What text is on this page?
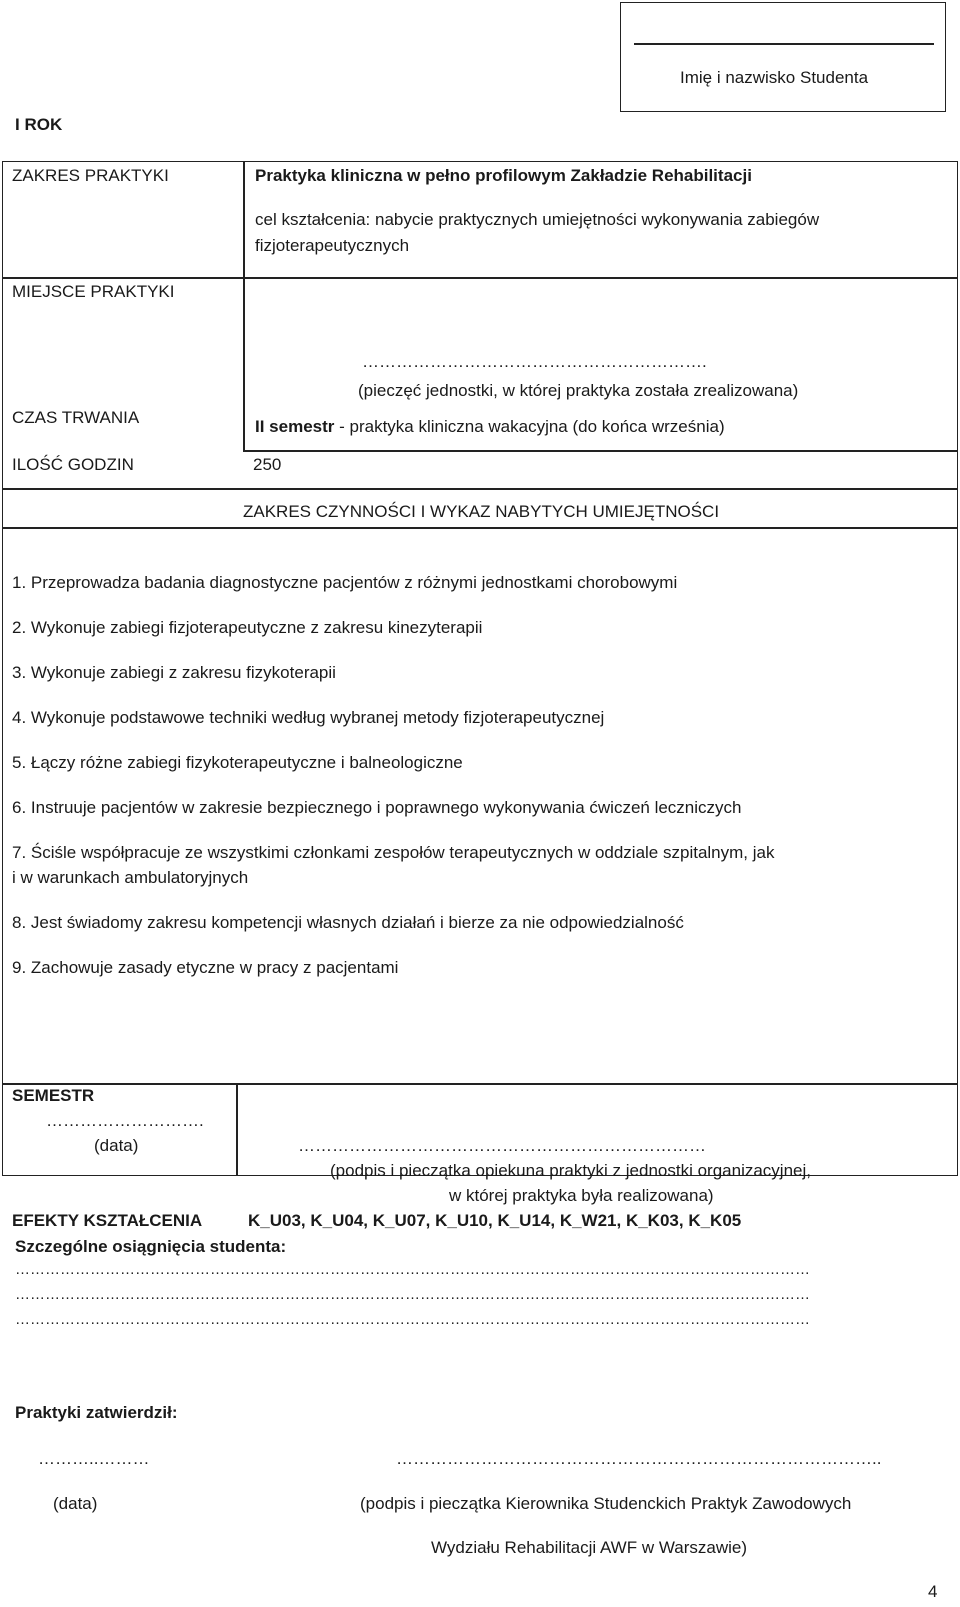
Imię i nazwisko Studenta
I ROK
ZAKRES PRAKTYKI	Praktyka kliniczna w pełno profilowym Zakładzie Rehabilitacji
cel kształcenia: nabycie praktycznych umiejętności wykonywania zabiegów
fizjoterapeutycznych
MIEJSCE PRAKTYKI
…………………………………………………….
(pieczęć jednostki, w której praktyka została zrealizowana)
CZAS TRWANIA	II semestr - praktyka kliniczna wakacyjna (do końca września)
ILOŚĆ GODZIN	250
ZAKRES CZYNNOŚCI I WYKAZ NABYTYCH UMIEJĘTNOŚCI
1. Przeprowadza badania diagnostyczne pacjentów z różnymi jednostkami chorobowymi
2. Wykonuje zabiegi fizjoterapeutyczne z zakresu kinezyterapii
3. Wykonuje zabiegi z zakresu fizykoterapii
4. Wykonuje podstawowe techniki według wybranej metody fizjoterapeutycznej
5. Łączy różne zabiegi fizykoterapeutyczne i balneologiczne
6. Instruuje pacjentów w zakresie bezpiecznego i poprawnego wykonywania ćwiczeń leczniczych
7. Ściśle współpracuje ze wszystkimi członkami zespołów terapeutycznych w oddziale szpitalnym, jak
i w warunkach ambulatoryjnych
8. Jest świadomy zakresu kompetencji własnych działań i bierze za nie odpowiedzialność
9. Zachowuje zasady etyczne w pracy z pacjentami
SEMESTR
……………………….
(data)	………………………………………………………………
(podpis i pieczątka opiekuna praktyki z jednostki organizacyjnej,
w której praktyka była realizowana)
EFEKTY KSZTAŁCENIA	K_U03, K_U04, K_U07, K_U10, K_U14, K_W21, K_K03, K_K05
Szczególne osiągnięcia studenta:
……………………………………………………………………………………………………………………………………………
……………………………………………………………………………………………………………………………………………
……………………………………………………………………………………………………………………………………………
Praktyki zatwierdził:
………..………	…………………………………………………………………………..
(data)	(podpis i pieczątka Kierownika Studenckich Praktyk Zawodowych
Wydziału Rehabilitacji AWF w Warszawie)
4
